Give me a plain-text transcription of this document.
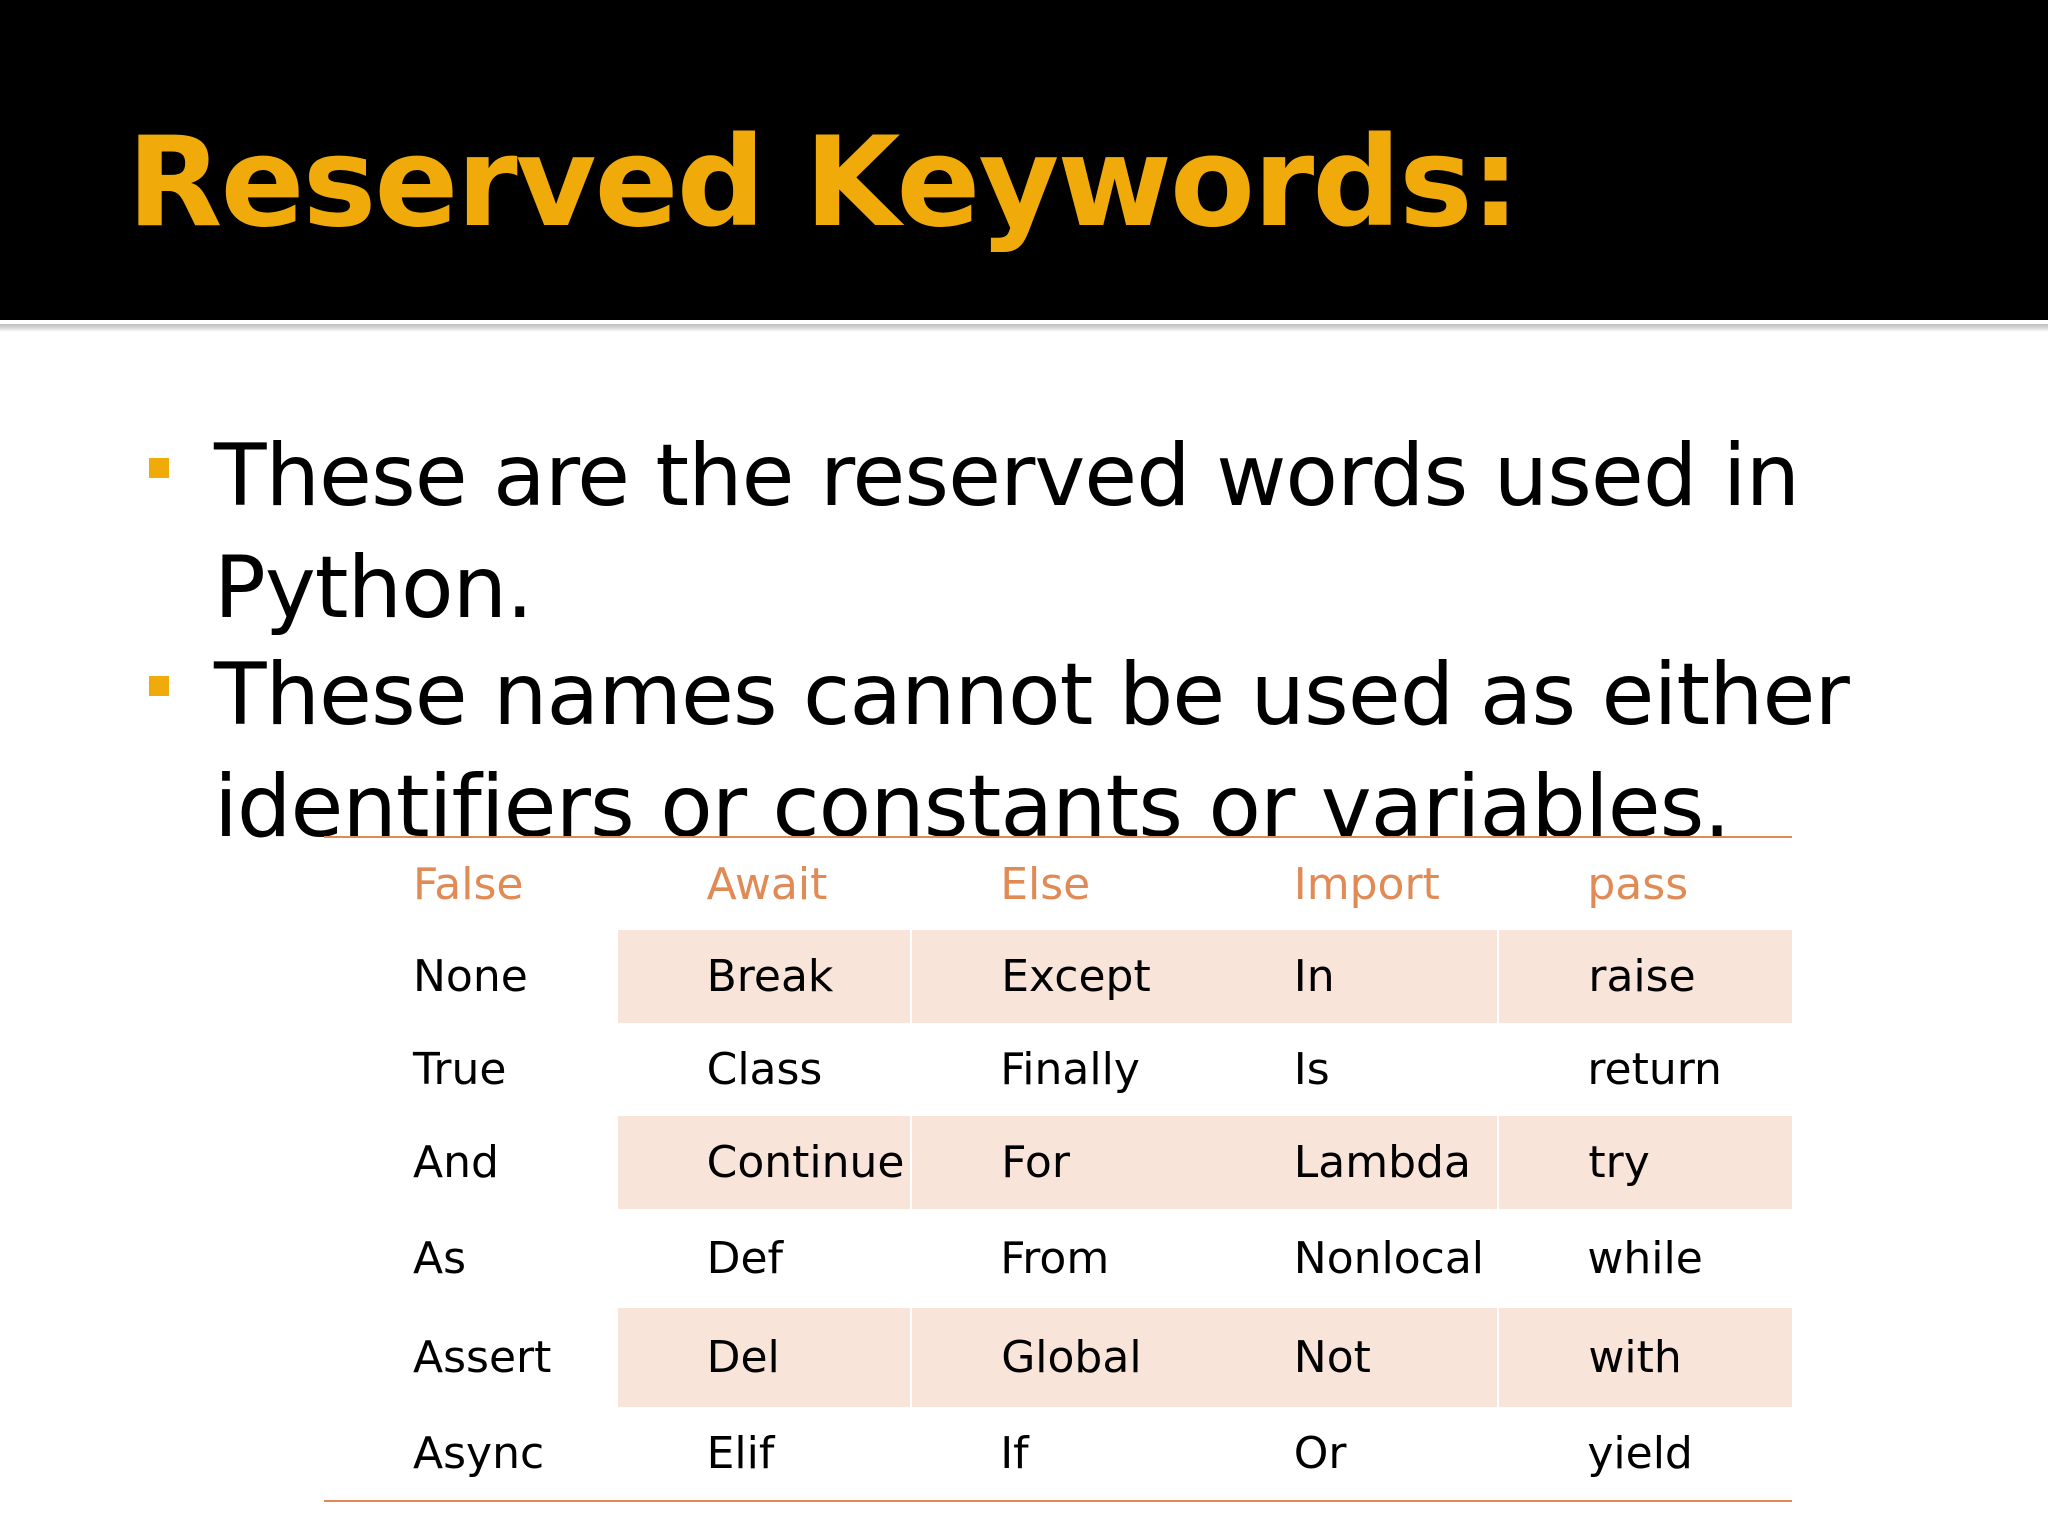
Reserved Keywords:

These are the reserved words used in

Python.

These names cannot be used as either

identifiers or constants or variables.

False	Await	Else	Import	pass
None	Break	Except	In	raise
True	Class	Finally	Is	return
And	Continue	For	Lambda	try
As	Def	From	Nonlocal	while
Assert	Del	Global	Not	with
Async	Elif	If	Or	yield
